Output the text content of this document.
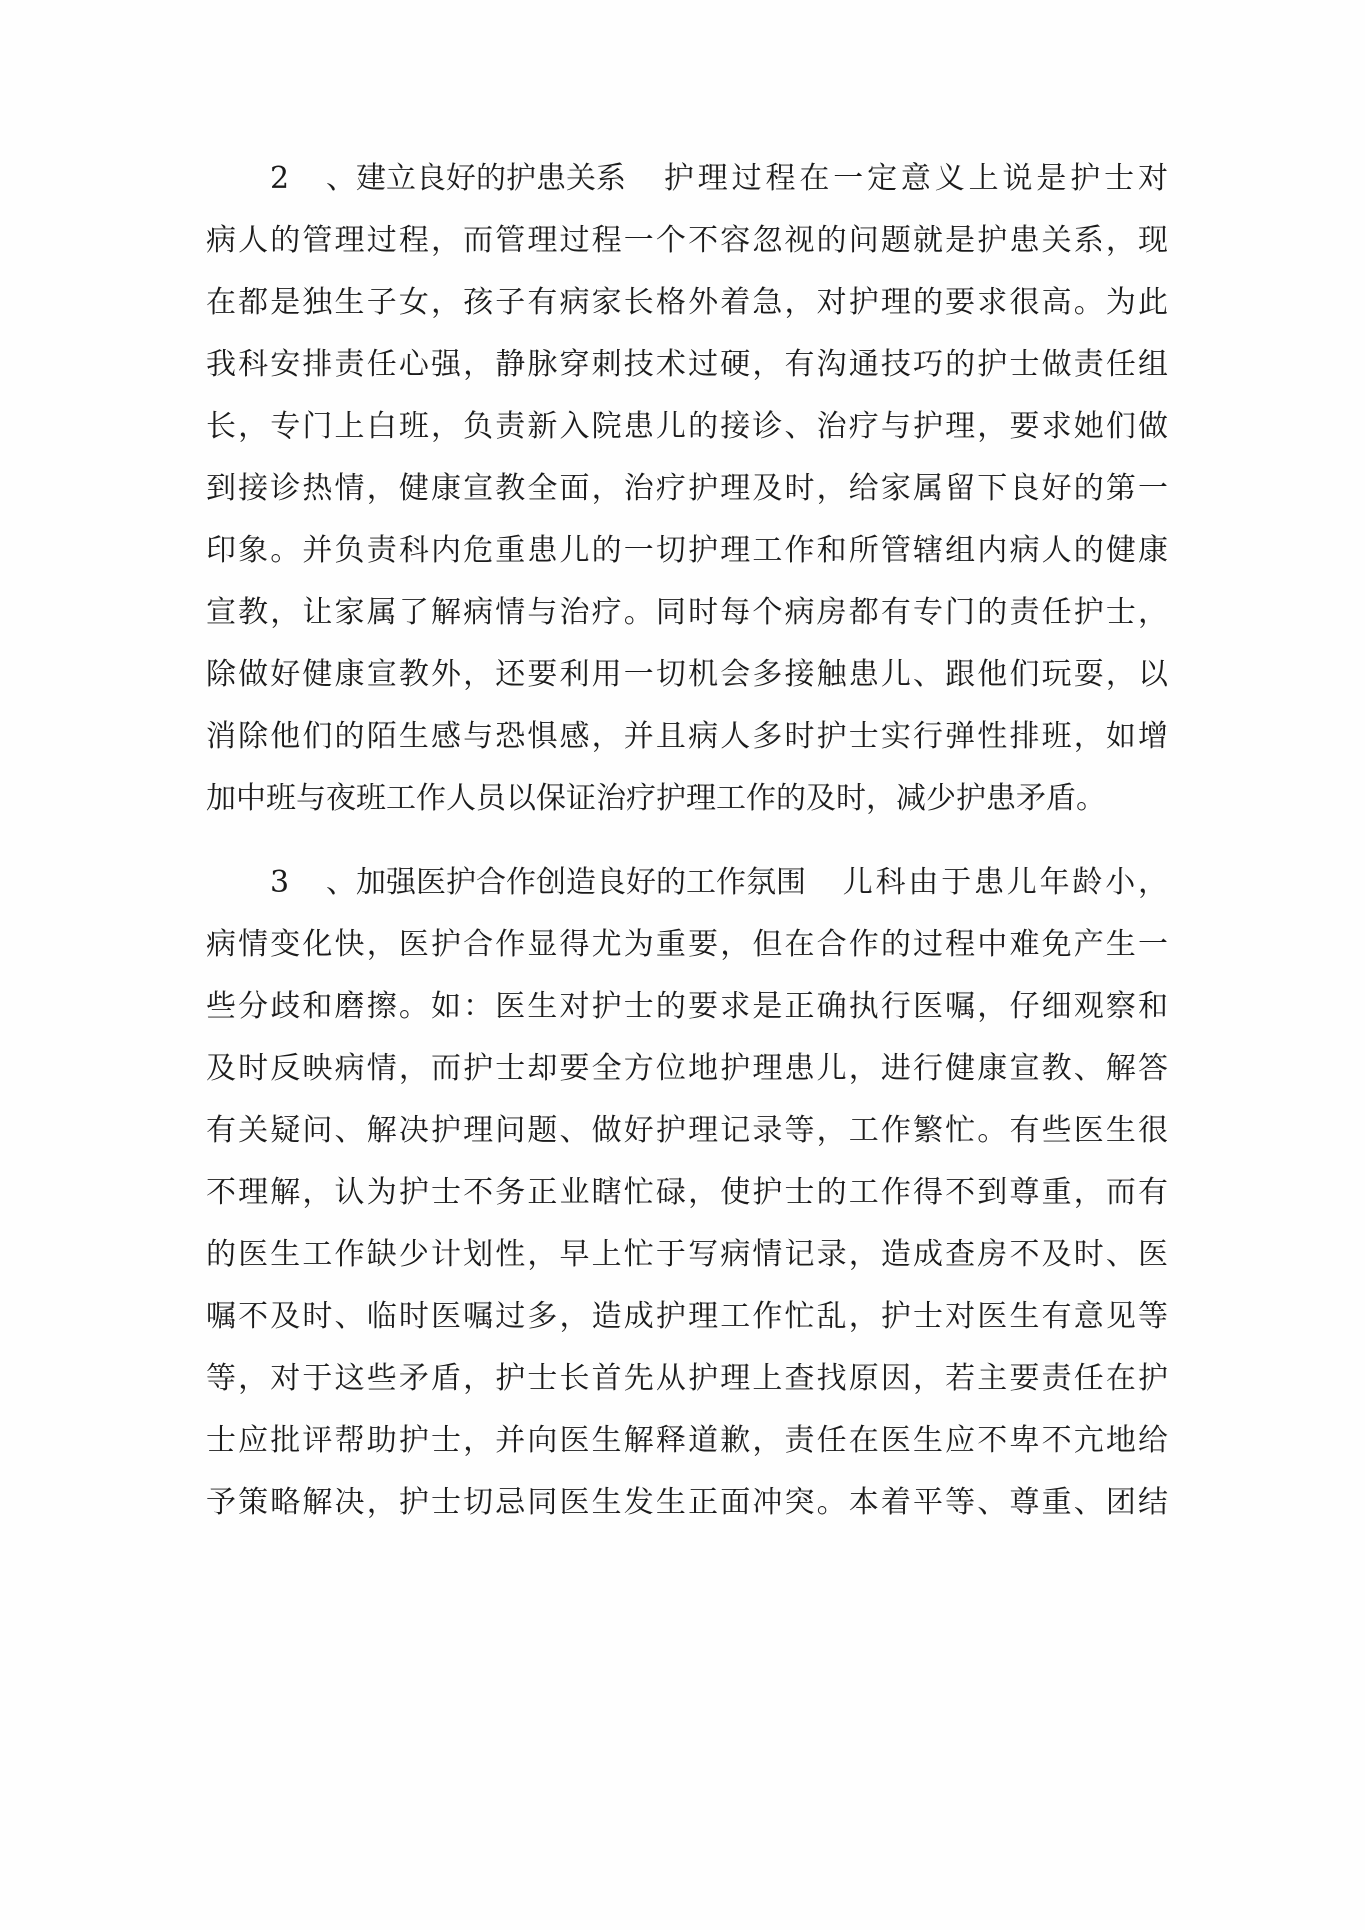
2 、建立良好的护患关系 护理过程在一定意义上说是护士对
病人的管理过程，而管理过程一个不容忽视的问题就是护患关系，现
在都是独生子女，孩子有病家长格外着急，对护理的要求很高。为此
我科安排责任心强，静脉穿刺技术过硬，有沟通技巧的护士做责任组
长，专门上白班，负责新入院患儿的接诊、治疗与护理，要求她们做
到接诊热情，健康宣教全面，治疗护理及时，给家属留下良好的第一
印象。并负责科内危重患儿的一切护理工作和所管辖组内病人的健康
宣教，让家属了解病情与治疗。同时每个病房都有专门的责任护士，
除做好健康宣教外，还要利用一切机会多接触患儿、跟他们玩耍，以
消除他们的陌生感与恐惧感，并且病人多时护士实行弹性排班，如增
加中班与夜班工作人员以保证治疗护理工作的及时，减少护患矛盾。
3 、加强医护合作创造良好的工作氛围 儿科由于患儿年龄小，
病情变化快，医护合作显得尤为重要，但在合作的过程中难免产生一
些分歧和磨擦。如：医生对护士的要求是正确执行医嘱，仔细观察和
及时反映病情，而护士却要全方位地护理患儿，进行健康宣教、解答
有关疑问、解决护理问题、做好护理记录等，工作繁忙。有些医生很
不理解，认为护士不务正业瞎忙碌，使护士的工作得不到尊重，而有
的医生工作缺少计划性，早上忙于写病情记录，造成查房不及时、医
嘱不及时、临时医嘱过多，造成护理工作忙乱，护士对医生有意见等
等，对于这些矛盾，护士长首先从护理上查找原因，若主要责任在护
士应批评帮助护士，并向医生解释道歉，责任在医生应不卑不亢地给
予策略解决，护士切忌同医生发生正面冲突。本着平等、尊重、团结
